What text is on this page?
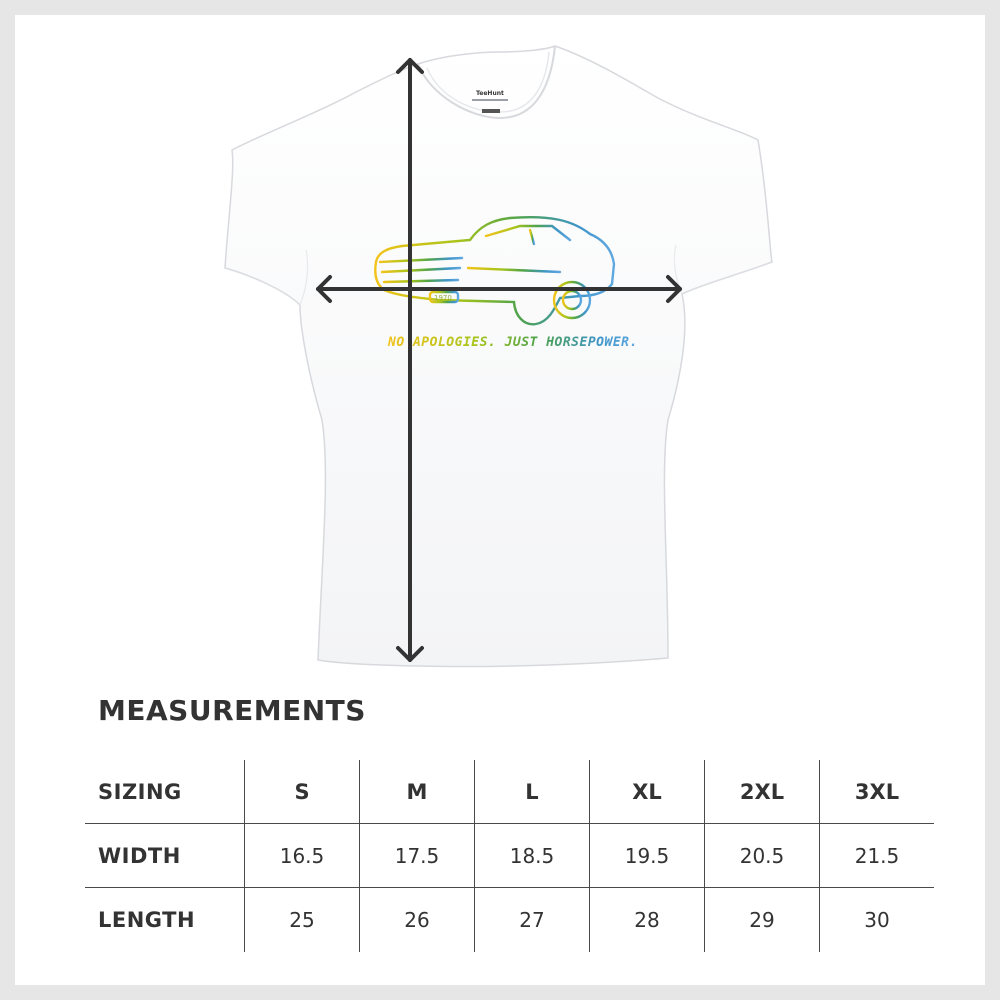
TeeHunt
1970
NO APOLOGIES. JUST HORSEPOWER.
MEASUREMENTS
SIZING	S	M	L	XL	2XL	3XL
WIDTH	16.5	17.5	18.5	19.5	20.5	21.5
LENGTH	25	26	27	28	29	30
